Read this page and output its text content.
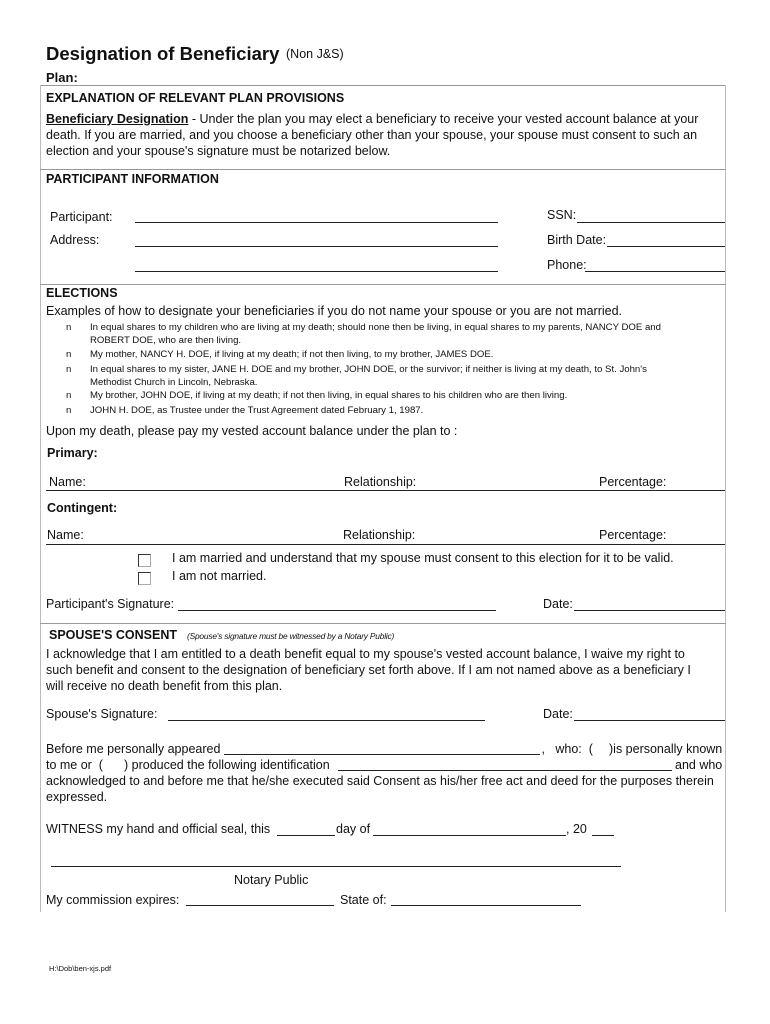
Designation of Beneficiary (Non J&S)
Plan:
EXPLANATION OF RELEVANT PLAN PROVISIONS
Beneficiary Designation - Under the plan you may elect a beneficiary to receive your vested account balance at your
death. If you are married, and you choose a beneficiary other than your spouse, your spouse must consent to such an
election and your spouse's signature must be notarized below.
PARTICIPANT INFORMATION
Participant:	SSN:
Address:	Birth Date:
Phone:
ELECTIONS
Examples of how to designate your beneficiaries if you do not name your spouse or you are not married.
n In equal shares to my children who are living at my death; should none then be living, in equal shares to my parents, NANCY DOE and
ROBERT DOE, who are then living.
n My mother, NANCY H. DOE, if living at my death; if not then living, to my brother, JAMES DOE.
n In equal shares to my sister, JANE H. DOE and my brother, JOHN DOE, or the survivor; if neither is living at my death, to St. John's
Methodist Church in Lincoln, Nebraska.
n My brother, JOHN DOE, if living at my death; if not then living, in equal shares to his children who are then living.
n JOHN H. DOE, as Trustee under the Trust Agreement dated February 1, 1987.
Upon my death, please pay my vested account balance under the plan to :
Primary:
Name:	Relationship:	Percentage:
Contingent:
Name:	Relationship:	Percentage:
I am married and understand that my spouse must consent to this election for it to be valid.
I am not married.
Participant's Signature:	Date:
SPOUSE'S CONSENT (Spouse's signature must be witnessed by a Notary Public)
I acknowledge that I am entitled to a death benefit equal to my spouse's vested account balance, I waive my right to
such benefit and consent to the designation of beneficiary set forth above. If I am not named above as a beneficiary I
will receive no death benefit from this plan.
Spouse's Signature:	Date:
Before me personally appeared	,   who:  ( )is personally known
to me or  ( ) produced the following identification	and who
acknowledged to and before me that he/she executed said Consent as his/her free act and deed for the purposes therein
expressed.
WITNESS my hand and official seal, this	day of	, 20
Notary Public
My commission expires:	State of:
H:\Dob\ben-xjs.pdf
